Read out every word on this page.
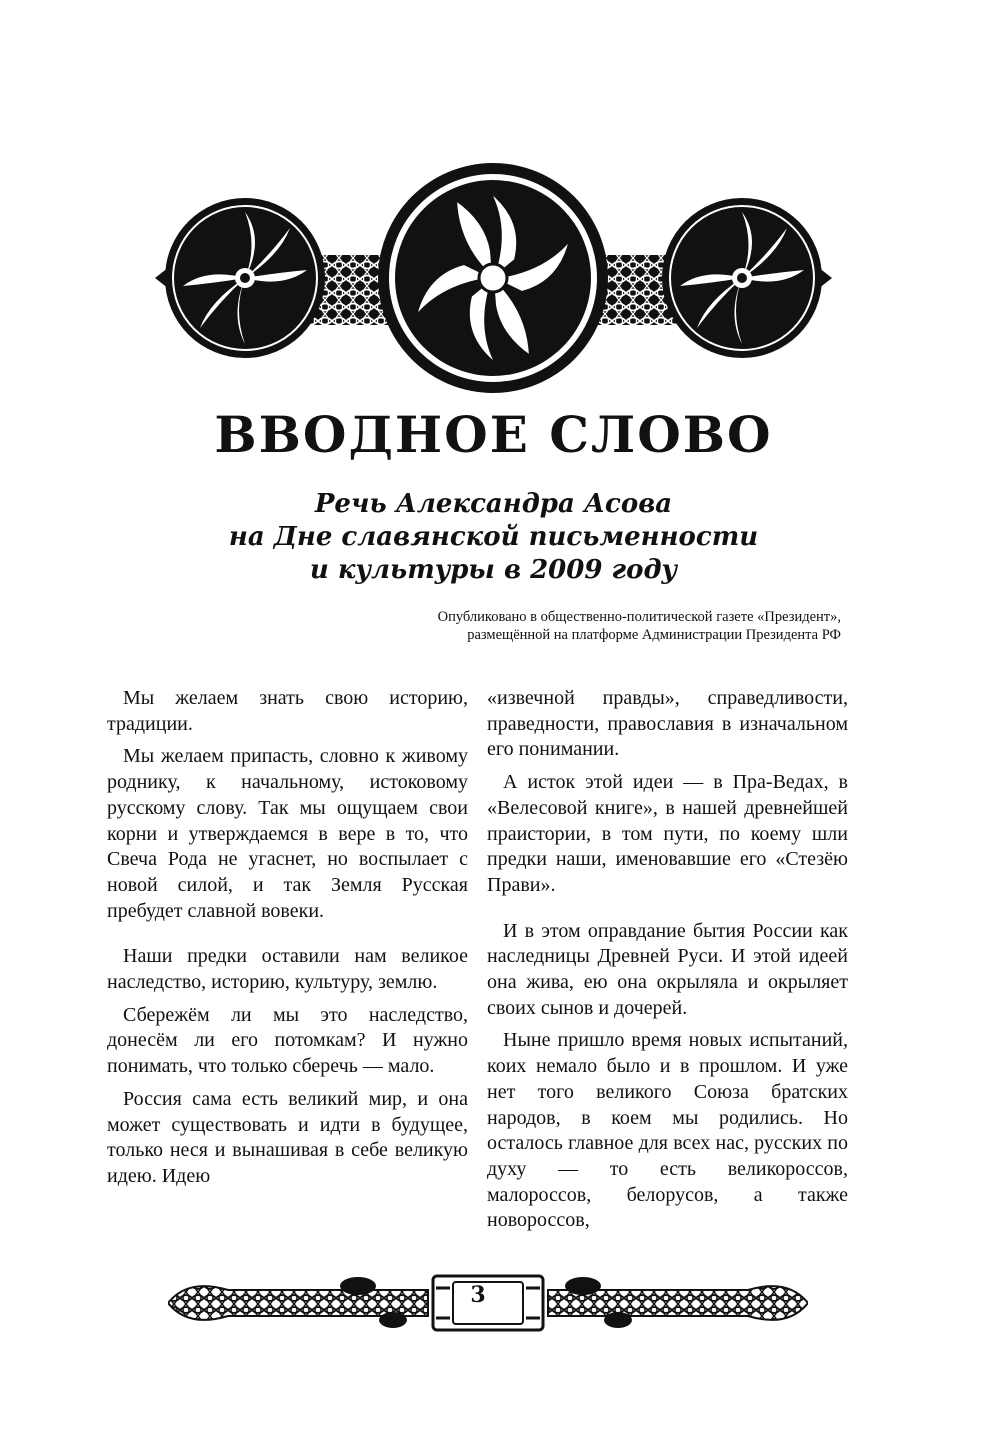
ВВОДНОЕ СЛОВО
Речь Александра Асова
на Дне славянской письменности
и культуры в 2009 году
Опубликовано в общественно-политической газете «Президент»,
размещённой на платформе Администрации Президента РФ

Мы желаем знать свою историю, традиции.

Мы желаем припасть, словно к живому роднику, к начальному, истоковому русскому слову. Так мы ощущаем свои корни и утверждаемся в вере в то, что Свеча Рода не угаснет, но воспылает с новой силой, и так Земля Русская пребудет славной вовеки.

Наши предки оставили нам великое наследство, историю, культуру, землю.

Сбережём ли мы это наследство, донесём ли его потомкам? И нужно понимать, что только сберечь — мало.

Россия сама есть великий мир, и она может существовать и идти в будущее, только неся и вынашивая в себе великую идею. Идею

«извечной правды», справедливости, праведности, православия в изначальном его понимании.

А исток этой идеи — в Пра-Ведах, в «Велесовой книге», в нашей древнейшей праистории, в том пути, по коему шли предки наши, именовавшие его «Стезёю Прави».

И в этом оправдание бытия России как наследницы Древней Руси. И этой идеей она жива, ею она окрыляла и окрыляет своих сынов и дочерей.

Ныне пришло время новых испытаний, коих немало было и в прошлом. И уже нет того великого Союза братских народов, в коем мы родились. Но осталось главное для всех нас, русских по духу — то есть великороссов, малороссов, белорусов, а также новороссов,

3
